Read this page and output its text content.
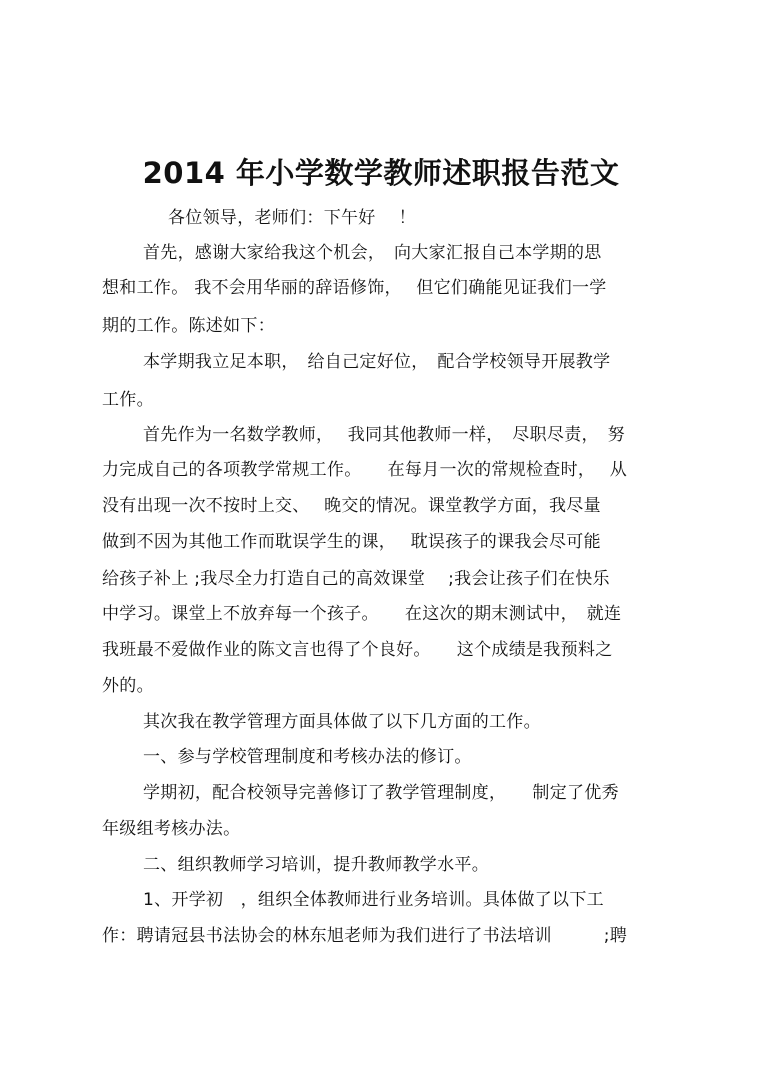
2014 年小学数学教师述职报告范文
各位领导，老师们：下午好　 ！
首先，感谢大家给我这个机会，　向大家汇报自己本学期的思
想和工作。 我不会用华丽的辞语修饰，　 但它们确能见证我们一学
期的工作。陈述如下：
本学期我立足本职，　给自己定好位，　配合学校领导开展教学
工作。
首先作为一名数学教师，　 我同其他教师一样，　尽职尽责，　努
力完成自己的各项教学常规工作。　　在每月一次的常规检查时，　 从
没有出现一次不按时上交、　 晚交的情况。课堂教学方面，我尽量
做到不因为其他工作而耽误学生的课，　 耽误孩子的课我会尽可能
给孩子补上 ;我尽全力打造自己的高效课堂　 ;我会让孩子们在快乐
中学习。课堂上不放弃每一个孩子。　　在这次的期末测试中，　就连
我班最不爱做作业的陈文言也得了个良好。　　这个成绩是我预料之
外的。
其次我在教学管理方面具体做了以下几方面的工作。
一、参与学校管理制度和考核办法的修订。
学期初，配合校领导完善修订了教学管理制度，　　制定了优秀
年级组考核办法。
二、组织教师学习培训，提升教师教学水平。
1、开学初　，组织全体教师进行业务培训。具体做了以下工
作：聘请冠县书法协会的林东旭老师为我们进行了书法培训　　　;聘
